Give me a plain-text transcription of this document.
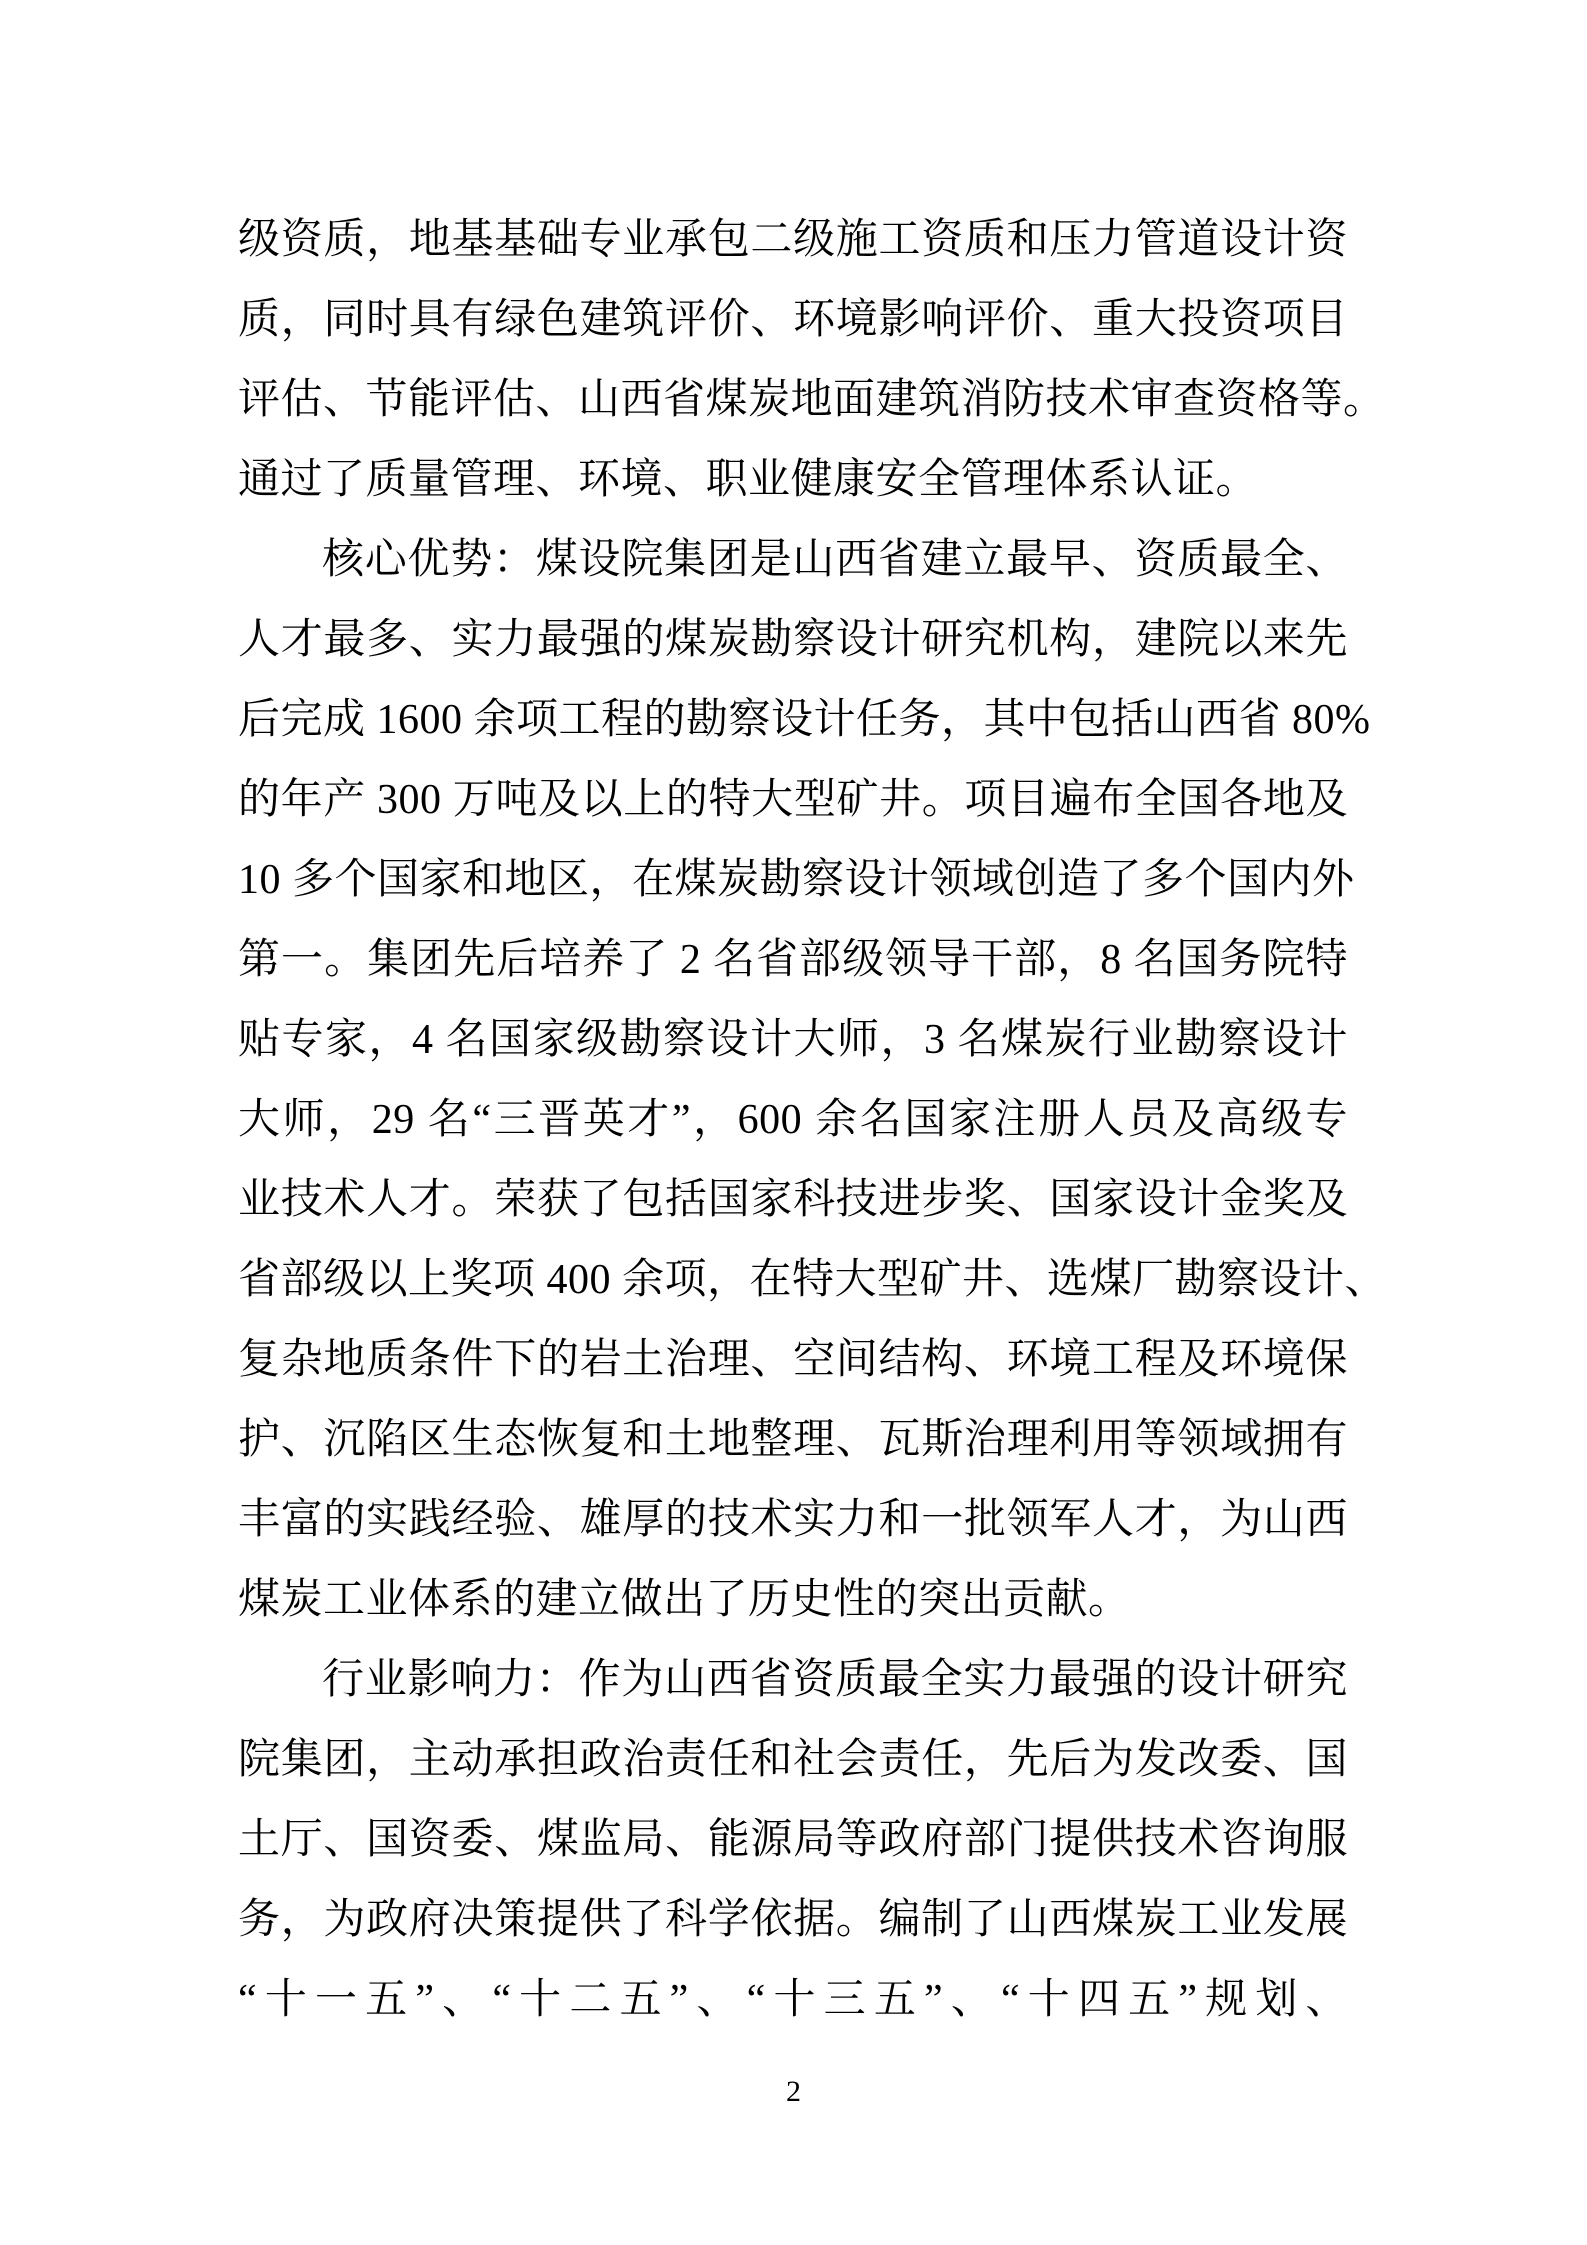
级资质，地基基础专业承包二级施工资质和压力管道设计资
质，同时具有绿色建筑评价、环境影响评价、重大投资项目
评估、节能评估、山西省煤炭地面建筑消防技术审查资格等。
通过了质量管理、环境、职业健康安全管理体系认证。
核心优势：煤设院集团是山西省建立最早、资质最全、
人才最多、实力最强的煤炭勘察设计研究机构，建院以来先
后完成 1600 余项工程的勘察设计任务，其中包括山西省 80%
的年产 300 万吨及以上的特大型矿井。项目遍布全国各地及
10 多个国家和地区，在煤炭勘察设计领域创造了多个国内外
第一。集团先后培养了 2 名省部级领导干部，8 名国务院特
贴专家，4 名国家级勘察设计大师，3 名煤炭行业勘察设计
大师，29 名“三晋英才”，600 余名国家注册人员及高级专
业技术人才。荣获了包括国家科技进步奖、国家设计金奖及
省部级以上奖项 400 余项，在特大型矿井、选煤厂勘察设计、
复杂地质条件下的岩土治理、空间结构、环境工程及环境保
护、沉陷区生态恢复和土地整理、瓦斯治理利用等领域拥有
丰富的实践经验、雄厚的技术实力和一批领军人才，为山西
煤炭工业体系的建立做出了历史性的突出贡献。
行业影响力：作为山西省资质最全实力最强的设计研究
院集团，主动承担政治责任和社会责任，先后为发改委、国
土厅、国资委、煤监局、能源局等政府部门提供技术咨询服
务，为政府决策提供了科学依据。编制了山西煤炭工业发展
“十一五”、“十二五”、“十三五”、“十四五”规划、
2
